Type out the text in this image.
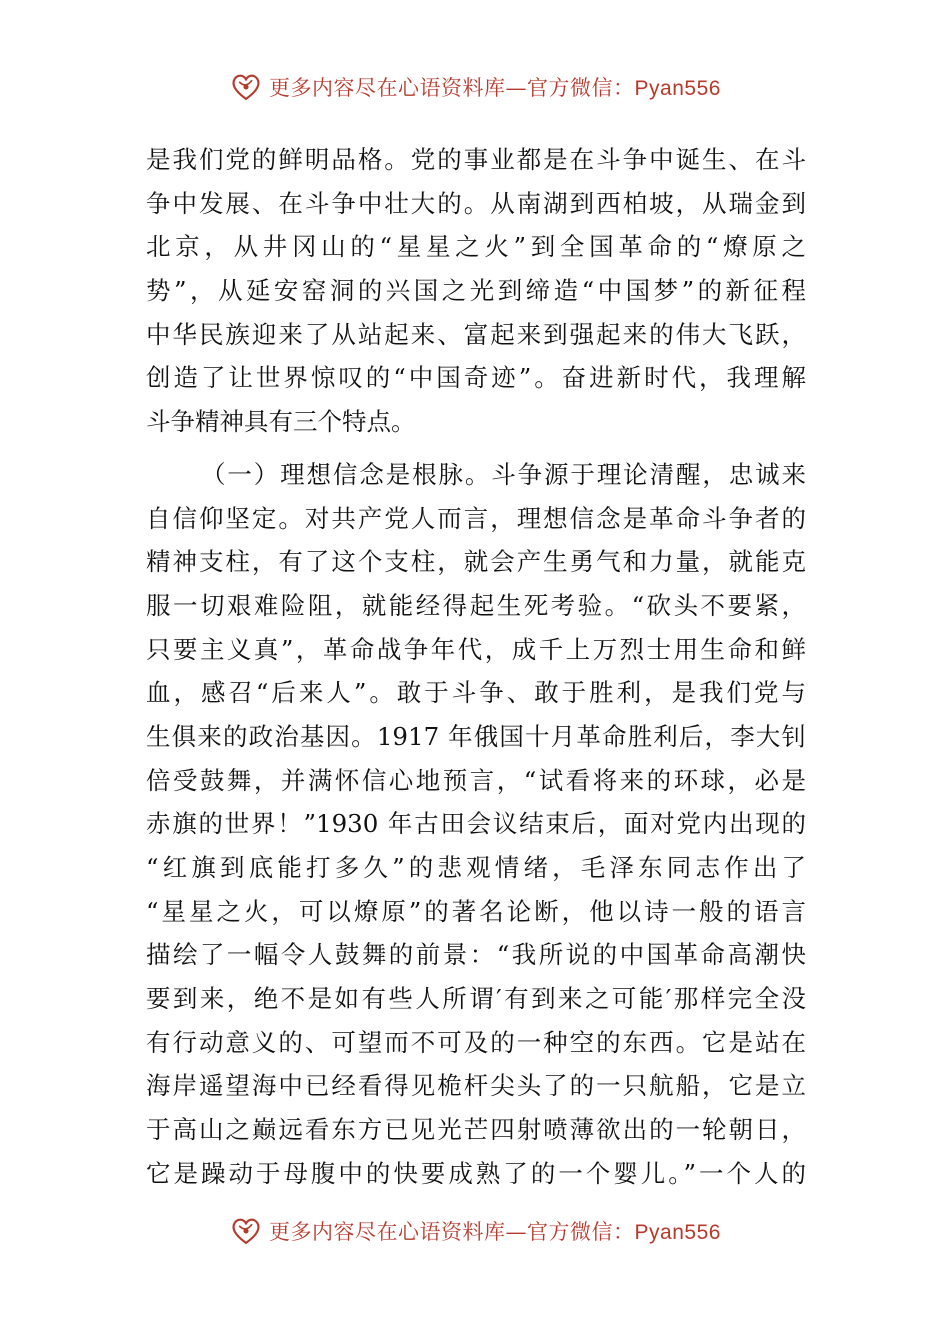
更多内容尽在心语资料库—官方微信：Pyan556
是我们党的鲜明品格。党的事业都是在斗争中诞生、在斗
争中发展、在斗争中壮大的。从南湖到西柏坡，从瑞金到
北京，从井冈山的“星星之火”到全国革命的“燎原之
势”，从延安窑洞的兴国之光到缔造“中国梦”的新征程
中华民族迎来了从站起来、富起来到强起来的伟大飞跃，
创造了让世界惊叹的“中国奇迹”。奋进新时代，我理解
斗争精神具有三个特点。
（一）理想信念是根脉。斗争源于理论清醒，忠诚来
自信仰坚定。对共产党人而言，理想信念是革命斗争者的
精神支柱，有了这个支柱，就会产生勇气和力量，就能克
服一切艰难险阻，就能经得起生死考验。“砍头不要紧，
只要主义真”，革命战争年代，成千上万烈士用生命和鲜
血，感召“后来人”。敢于斗争、敢于胜利，是我们党与
生俱来的政治基因。1917 年俄国十月革命胜利后，李大钊
倍受鼓舞，并满怀信心地预言，“试看将来的环球，必是
赤旗的世界！”1930 年古田会议结束后，面对党内出现的
“红旗到底能打多久”的悲观情绪，毛泽东同志作出了
“星星之火，可以燎原”的著名论断，他以诗一般的语言
描绘了一幅令人鼓舞的前景：“我所说的中国革命高潮快
要到来，绝不是如有些人所谓′有到来之可能′那样完全没
有行动意义的、可望而不可及的一种空的东西。它是站在
海岸遥望海中已经看得见桅杆尖头了的一只航船，它是立
于高山之巅远看东方已见光芒四射喷薄欲出的一轮朝日，
它是躁动于母腹中的快要成熟了的一个婴儿。”一个人的
更多内容尽在心语资料库—官方微信：Pyan556
